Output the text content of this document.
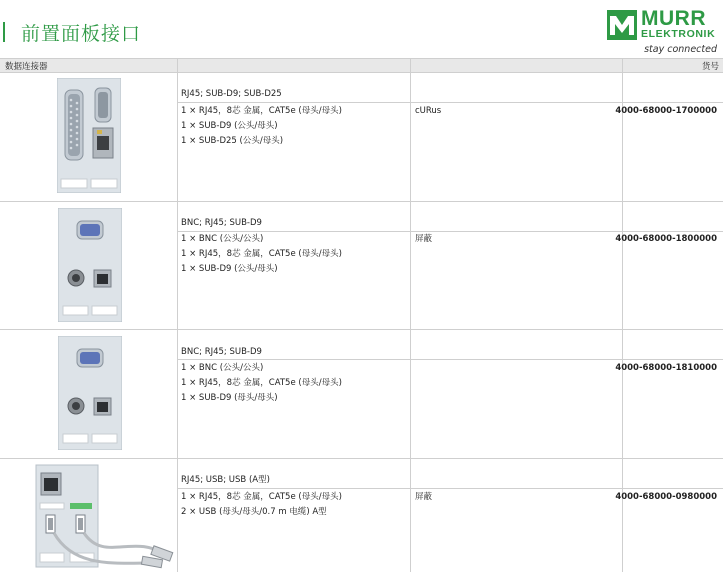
前置面板接口
MURR
ELEKTRONIK
stay connected
数据连接器	货号
RJ45; SUB-D9; SUB-D25
1 × RJ45，8芯 金属，CAT5e (母头/母头)
1 × SUB-D9 (公头/母头)
1 × SUB-D25 (公头/母头)
cURus	4000-68000-1700000
BNC; RJ45; SUB-D9
1 × BNC (公头/公头)
1 × RJ45，8芯 金属，CAT5e (母头/母头)
1 × SUB-D9 (公头/母头)
屏蔽	4000-68000-1800000
BNC; RJ45; SUB-D9
1 × BNC (公头/公头)
1 × RJ45，8芯 金属，CAT5e (母头/母头)
1 × SUB-D9 (母头/母头)
4000-68000-1810000
RJ45; USB; USB (A型)
1 × RJ45，8芯 金属，CAT5e (母头/母头)
2 × USB (母头/母头/0.7 m 电缆) A型
屏蔽	4000-68000-0980000
